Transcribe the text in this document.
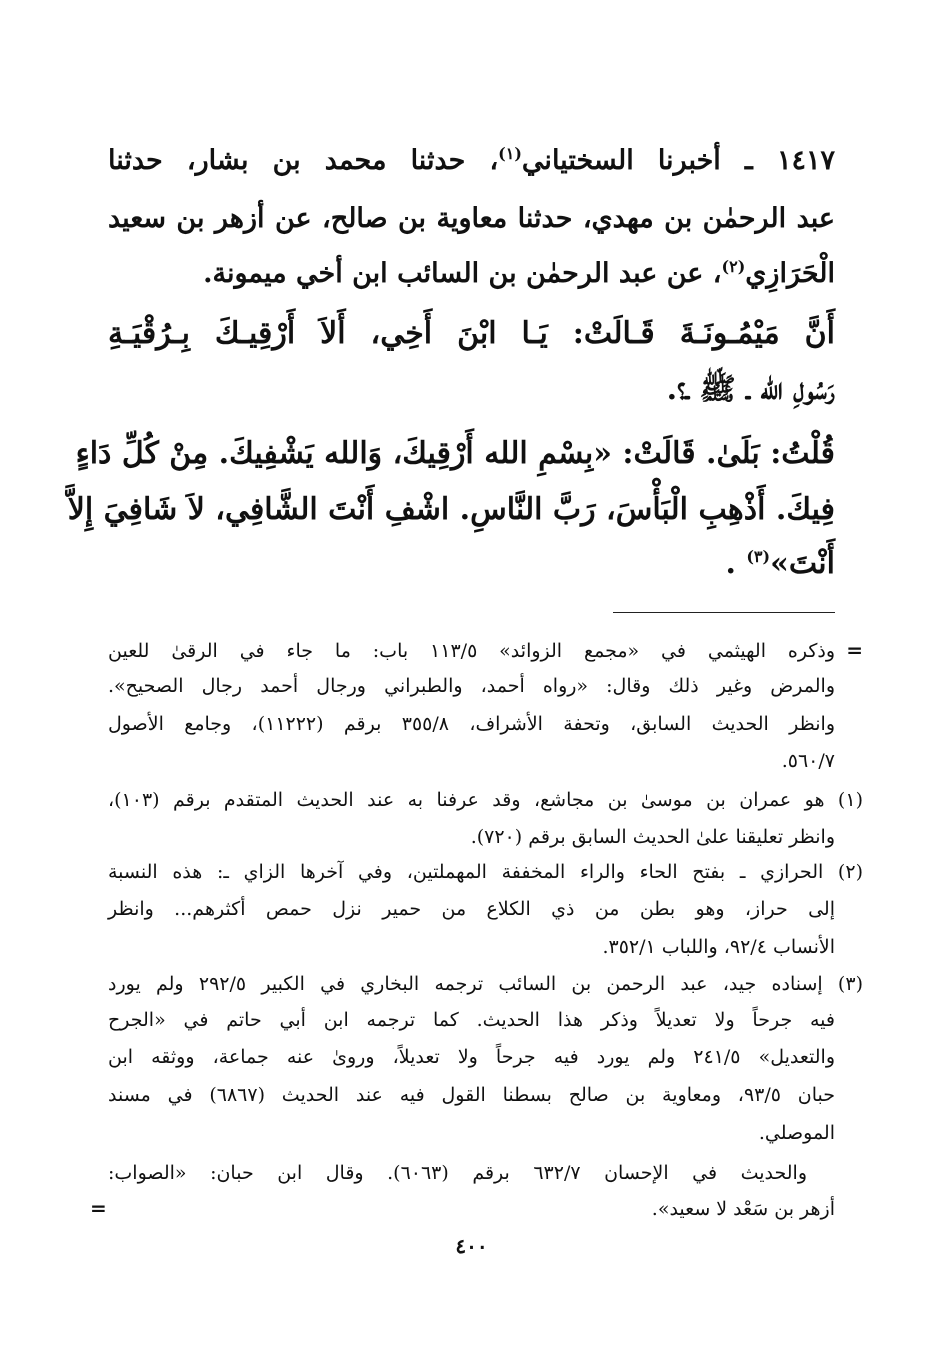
١٤١٧ ـ أخبرنا السختياني$^{(١)}$، حدثنا محمد بن بشار، حدثنا
عبد الرحمٰن بن مهدي، حدثنا معاوية بن صالح، عن أزهر بن سعيد
الْحَرَازِي$^{(٢)}$، عن عبد الرحمٰن بن السائب ابن أخي ميمونة.
أَنَّ مَيْمُـونَـةَ قَـالَتْ: يَـا ابْنَ أَخِي، أَلاَ أَرْقِيـكَ بِـرُقْيَـةِ
رَسُولِ الله ـ ﷺ ـ؟.
قُلْتُ: بَلَىٰ. قَالَتْ: «بِسْمِ الله أَرْقِيكَ، وَالله يَشْفِيكَ. مِنْ كُلِّ دَاءٍ
فِيكَ. أَذْهِبِ الْبَأْسَ، رَبَّ النَّاسِ. اشْفِ أَنْتَ الشَّافِي، لاَ شَافِيَ إِلاَّ
أَنْتَ»$^{(٣)}$ .
=
وذكره الهيثمي في «مجمع الزوائد» ١١٣/٥ باب: ما جاء في الرقىٰ للعين
والمرض وغير ذلك وقال: «رواه أحمد، والطبراني ورجال أحمد رجال الصحيح».
وانظر الحديث السابق، وتحفة الأشراف، ٣٥٥/٨ برقم (١١٢٢٢)، وجامع الأصول
٥٦٠/٧.
(١) هو عمران بن موسىٰ بن مجاشع، وقد عرفنا به عند الحديث المتقدم برقم (١٠٣)،
وانظر تعليقنا علىٰ الحديث السابق برقم (٧٢٠).
(٢) الحرازي ـ بفتح الحاء والراء المخففة المهملتين، وفي آخرها الزاي ـ: هذه النسبة
إلى حراز، وهو بطن من ذي الكلاع من حمير نزل حمص أكثرهم... وانظر
الأنساب ٩٢/٤، واللباب ٣٥٢/١.
(٣) إسناده جيد، عبد الرحمن بن السائب ترجمه البخاري في الكبير ٢٩٢/٥ ولم يورد
فيه جرحاً ولا تعديلاً وذكر هذا الحديث. كما ترجمه ابن أبي حاتم في «الجرح
والتعديل» ٢٤١/٥ ولم يورد فيه جرحاً ولا تعديلاً، وروىٰ عنه جماعة، ووثقه ابن
حبان ٩٣/٥، ومعاوية بن صالح بسطنا القول فيه عند الحديث (٦٨٦٧) في مسند
الموصلي.
والحديث في الإحسان ٦٣٢/٧ برقم (٦٠٦٣). وقال ابن حبان: «الصواب:
أزهر بن سَعْد لا سعيد».
=
٤٠٠
